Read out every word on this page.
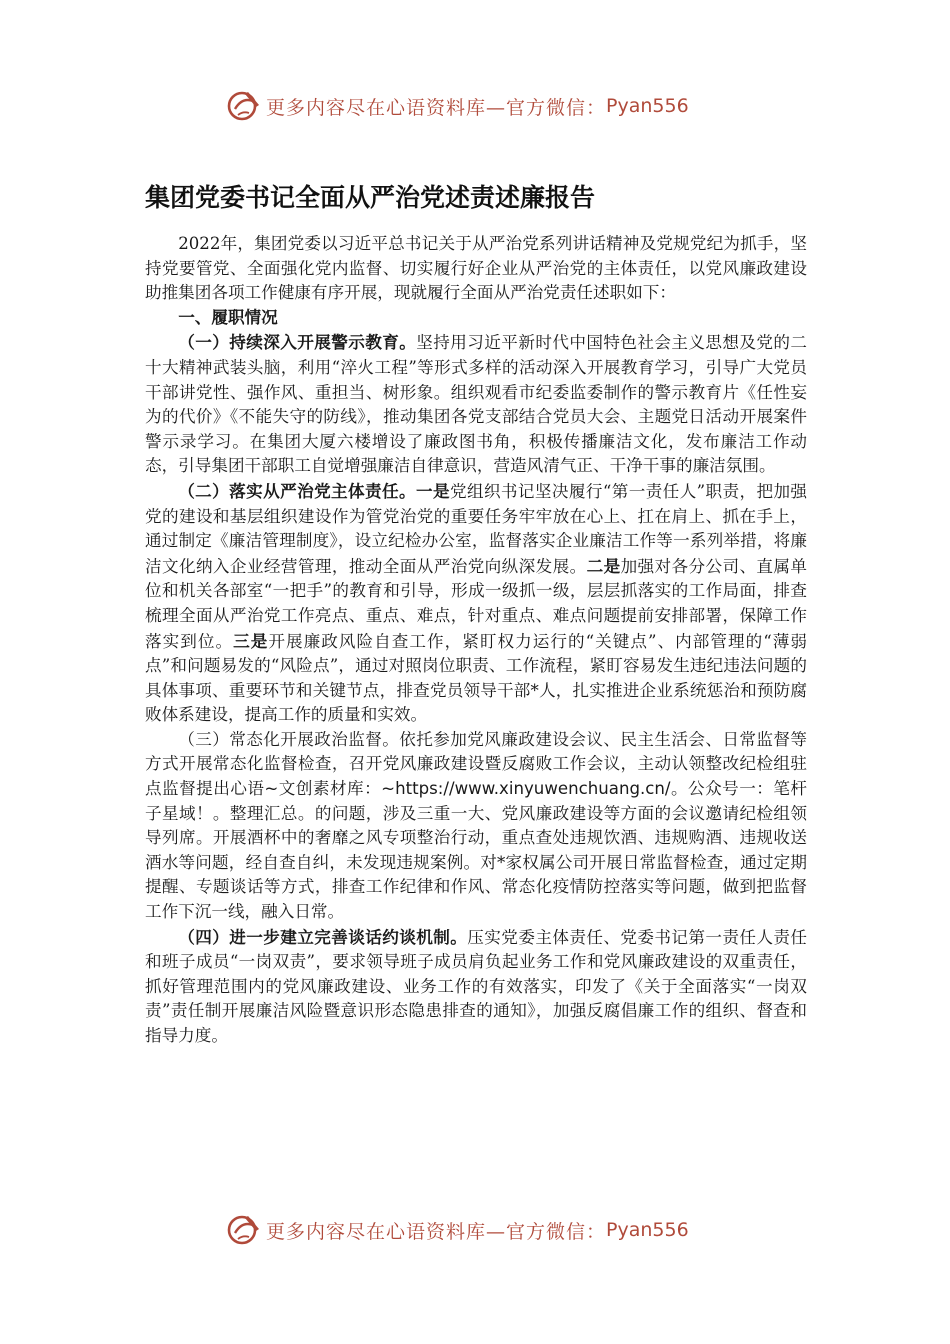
更多内容尽在心语资料库—官方微信： Pyan556
集团党委书记全面从严治党述责述廉报告

2022年，集团党委以习近平总书记关于从严治党系列讲话精神及党规党纪为抓手，坚持党要管党、全面强化党内监督、切实履行好企业从严治党的主体责任，以党风廉政建设助推集团各项工作健康有序开展，现就履行全面从严治党责任述职如下：

一、履职情况

（一）持续深入开展警示教育。坚持用习近平新时代中国特色社会主义思想及党的二十大精神武装头脑，利用“淬火工程”等形式多样的活动深入开展教育学习，引导广大党员干部讲党性、强作风、重担当、树形象。组织观看市纪委监委制作的警示教育片《任性妄为的代价》《不能失守的防线》，推动集团各党支部结合党员大会、主题党日活动开展案件警示录学习。在集团大厦六楼增设了廉政图书角，积极传播廉洁文化，发布廉洁工作动态，引导集团干部职工自觉增强廉洁自律意识，营造风清气正、干净干事的廉洁氛围。

（二）落实从严治党主体责任。一是党组织书记坚决履行“第一责任人”职责，把加强党的建设和基层组织建设作为管党治党的重要任务牢牢放在心上、扛在肩上、抓在手上，通过制定《廉洁管理制度》，设立纪检办公室，监督落实企业廉洁工作等一系列举措，将廉洁文化纳入企业经营管理，推动全面从严治党向纵深发展。二是加强对各分公司、直属单位和机关各部室“一把手”的教育和引导，形成一级抓一级，层层抓落实的工作局面，排查梳理全面从严治党工作亮点、重点、难点，针对重点、难点问题提前安排部署，保障工作落实到位。三是开展廉政风险自查工作，紧盯权力运行的“关键点”、内部管理的“薄弱点”和问题易发的“风险点”，通过对照岗位职责、工作流程，紧盯容易发生违纪违法问题的具体事项、重要环节和关键节点，排查党员领导干部*人，扎实推进企业系统惩治和预防腐败体系建设，提高工作的质量和实效。

（三）常态化开展政治监督。依托参加党风廉政建设会议、民主生活会、日常监督等方式开展常态化监督检查，召开党风廉政建设暨反腐败工作会议，主动认领整改纪检组驻点监督提出心语~文创素材库：~https://www.xinyuwenchuang.cn/。公众号一：笔杆子星域！。整理汇总。的问题，涉及三重一大、党风廉政建设等方面的会议邀请纪检组领导列席。开展酒杯中的奢靡之风专项整治行动，重点查处违规饮酒、违规购酒、违规收送酒水等问题，经自查自纠，未发现违规案例。对*家权属公司开展日常监督检查，通过定期提醒、专题谈话等方式，排查工作纪律和作风、常态化疫情防控落实等问题，做到把监督工作下沉一线，融入日常。

（四）进一步建立完善谈话约谈机制。压实党委主体责任、党委书记第一责任人责任和班子成员“一岗双责”，要求领导班子成员肩负起业务工作和党风廉政建设的双重责任，抓好管理范围内的党风廉政建设、业务工作的有效落实，印发了《关于全面落实“一岗双责”责任制开展廉洁风险暨意识形态隐患排查的通知》，加强反腐倡廉工作的组织、督查和指导力度。

更多内容尽在心语资料库—官方微信： Pyan556
